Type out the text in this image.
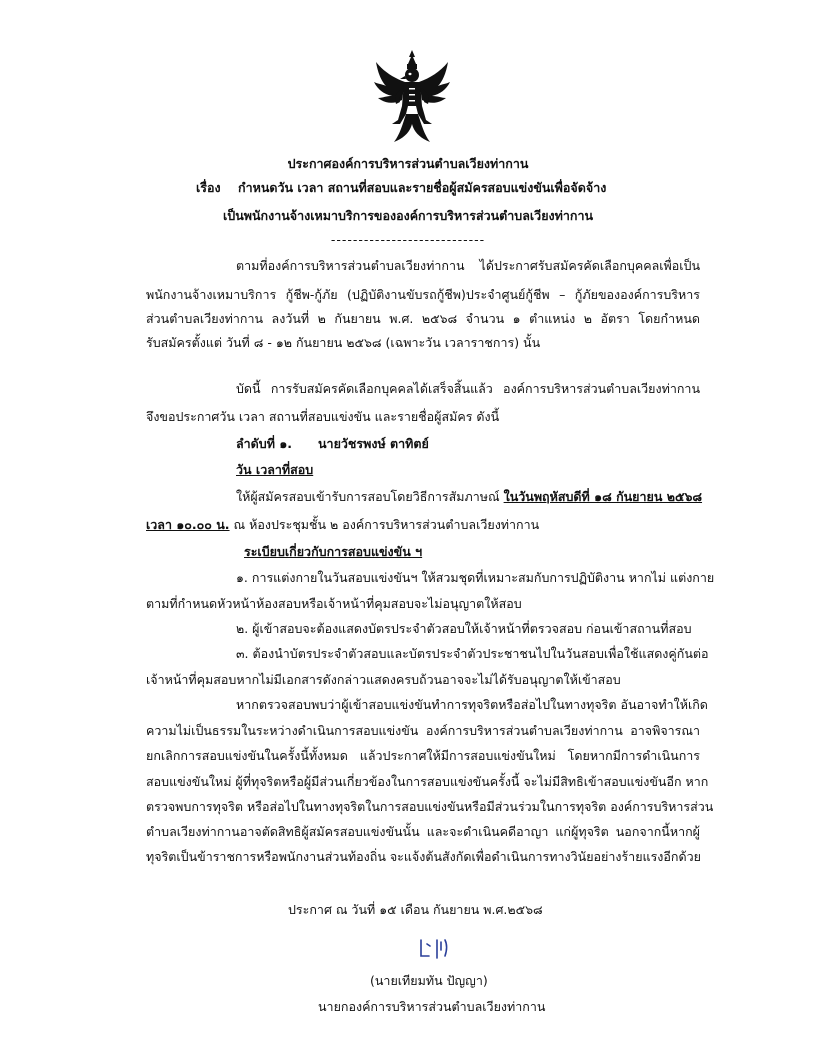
ประกาศองค์การบริหารส่วนตำบลเวียงท่ากาน
เรื่อง กำหนดวัน เวลา สถานที่สอบและรายชื่อผู้สมัครสอบแข่งขันเพื่อจัดจ้าง
เป็นพนักงานจ้างเหมาบริการขององค์การบริหารส่วนตำบลเวียงท่ากาน
----------------------------
ตามที่องค์การบริหารส่วนตำบลเวียงท่ากาน ได้ประกาศรับสมัครคัดเลือกบุคคลเพื่อเป็น
พนักงานจ้างเหมาบริการ กู้ชีพ-กู้ภัย (ปฏิบัติงานขับรถกู้ชีพ)ประจำศูนย์กู้ชีพ – กู้ภัยขององค์การบริหาร
ส่วนตำบลเวียงท่ากาน ลงวันที่ ๒ กันยายน พ.ศ. ๒๕๖๘ จำนวน ๑ ตำแหน่ง ๒ อัตรา โดยกำหนด
รับสมัครตั้งแต่ วันที่ ๘ - ๑๒ กันยายน ๒๕๖๘ (เฉพาะวัน เวลาราชการ) นั้น
บัดนี้ การรับสมัครคัดเลือกบุคคลได้เสร็จสิ้นแล้ว องค์การบริหารส่วนตำบลเวียงท่ากาน
จึงขอประกาศวัน เวลา สถานที่สอบแข่งขัน และรายชื่อผู้สมัคร ดังนี้
ลำดับที่ ๑. นายวัชรพงษ์ ตาทิตย์
วัน เวลาที่สอบ
ให้ผู้สมัครสอบเข้ารับการสอบโดยวิธีการสัมภาษณ์ ในวันพฤหัสบดีที่ ๑๘ กันยายน ๒๕๖๘
เวลา ๑๐.๐๐ น. ณ ห้องประชุมชั้น ๒ องค์การบริหารส่วนตำบลเวียงท่ากาน
ระเบียบเกี่ยวกับการสอบแข่งขัน ฯ
๑. การแต่งกายในวันสอบแข่งขันฯ ให้สวมชุดที่เหมาะสมกับการปฏิบัติงาน หากไม่ แต่งกาย
ตามที่กำหนดหัวหน้าห้องสอบหรือเจ้าหน้าที่คุมสอบจะไม่อนุญาตให้สอบ
๒. ผู้เข้าสอบจะต้องแสดงบัตรประจำตัวสอบให้เจ้าหน้าที่ตรวจสอบ ก่อนเข้าสถานที่สอบ
๓. ต้องนำบัตรประจำตัวสอบและบัตรประจำตัวประชาชนไปในวันสอบเพื่อใช้แสดงคู่กันต่อ
เจ้าหน้าที่คุมสอบหากไม่มีเอกสารดังกล่าวแสดงครบถ้วนอาจจะไม่ได้รับอนุญาตให้เข้าสอบ
หากตรวจสอบพบว่าผู้เข้าสอบแข่งขันทำการทุจริตหรือส่อไปในทางทุจริต อันอาจทำให้เกิด
ความไม่เป็นธรรมในระหว่างดำเนินการสอบแข่งขัน องค์การบริหารส่วนตำบลเวียงท่ากาน อาจพิจารณา
ยกเลิกการสอบแข่งขันในครั้งนี้ทั้งหมด แล้วประกาศให้มีการสอบแข่งขันใหม่ โดยหากมีการดำเนินการ
สอบแข่งขันใหม่ ผู้ที่ทุจริตหรือผู้มีส่วนเกี่ยวข้องในการสอบแข่งขันครั้งนี้ จะไม่มีสิทธิเข้าสอบแข่งขันอีก หาก
ตรวจพบการทุจริต หรือส่อไปในทางทุจริตในการสอบแข่งขันหรือมีส่วนร่วมในการทุจริต องค์การบริหารส่วน
ตำบลเวียงท่ากานอาจตัดสิทธิผู้สมัครสอบแข่งขันนั้น และจะดำเนินคดีอาญา แก่ผู้ทุจริต นอกจากนี้หากผู้
ทุจริตเป็นข้าราชการหรือพนักงานส่วนท้องถิ่น จะแจ้งต้นสังกัดเพื่อดำเนินการทางวินัยอย่างร้ายแรงอีกด้วย
ประกาศ ณ วันที่ ๑๕ เดือน กันยายน พ.ศ.๒๕๖๘
(นายเทียมทัน ปัญญา)
นายกองค์การบริหารส่วนตำบลเวียงท่ากาน
